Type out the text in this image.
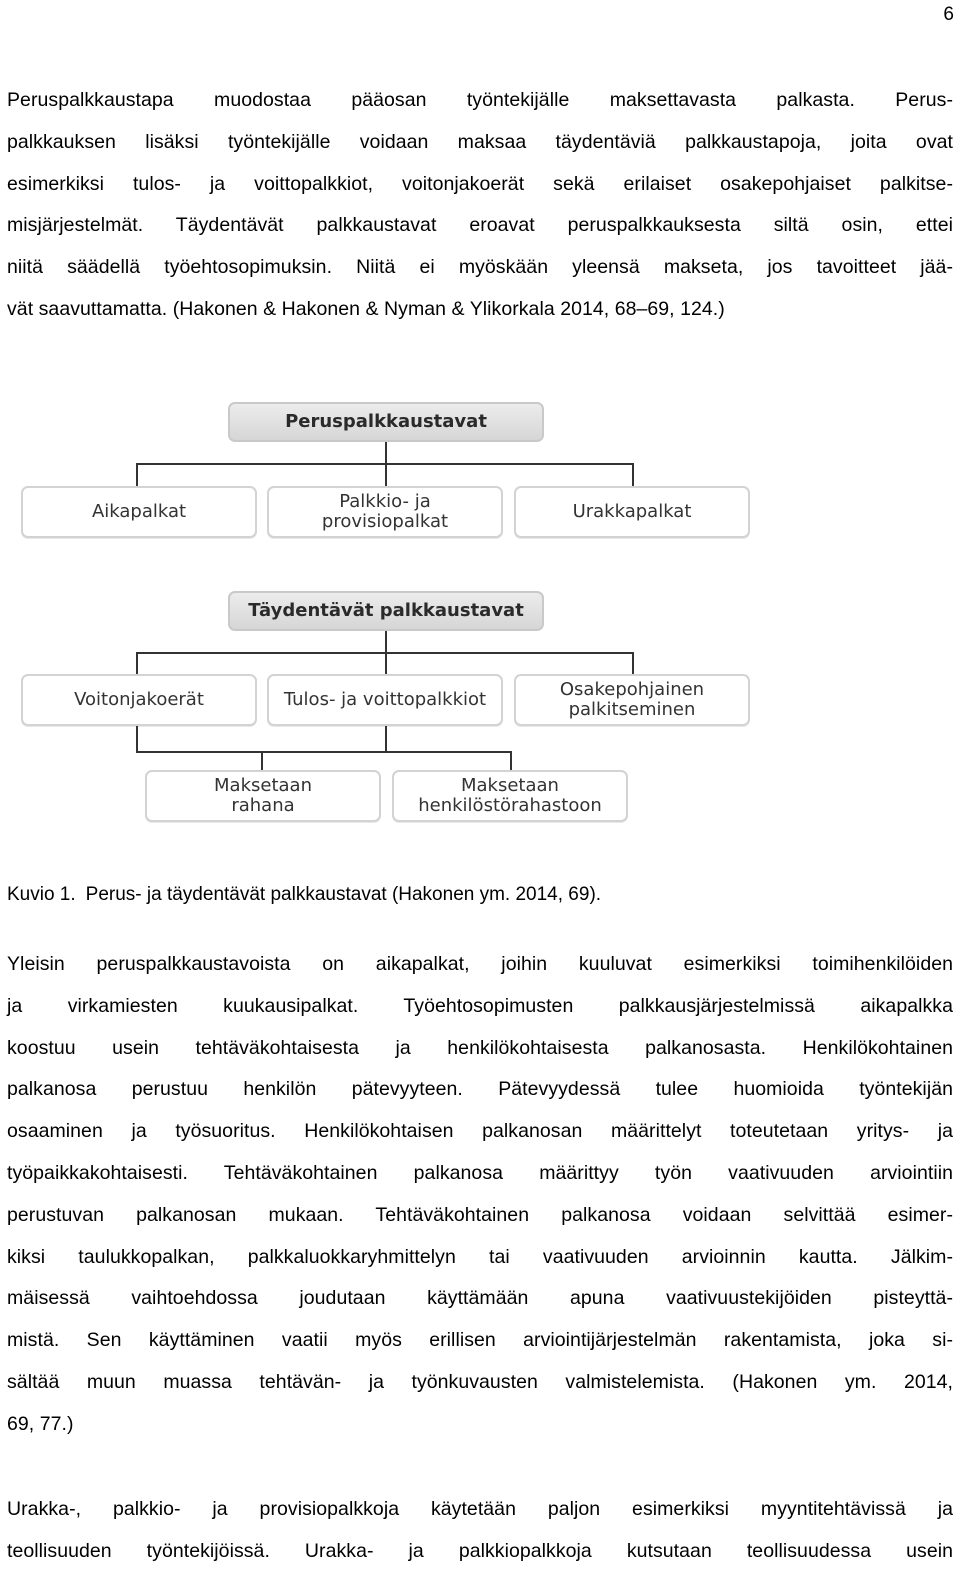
6

Peruspalkkaustapa muodostaa pääosan työntekijälle maksettavasta palkasta. Perus-
palkkauksen lisäksi työntekijälle voidaan maksaa täydentäviä palkkaustapoja, joita ovat
esimerkiksi tulos- ja voittopalkkiot, voitonjakoerät sekä erilaiset osakepohjaiset palkitse-
misjärjestelmät. Täydentävät palkkaustavat eroavat peruspalkkauksesta siltä osin, ettei
niitä säädellä työehtosopimuksin. Niitä ei myöskään yleensä makseta, jos tavoitteet jää-
vät saavuttamatta. (Hakonen & Hakonen & Nyman & Ylikorkala 2014, 68–69, 124.)

Peruspalkkaustavat
Aikapalkat	Palkkio- ja
provisiopalkat	Urakkapalkat
Täydentävät palkkaustavat
Voitonjakoerät	Tulos- ja voittopalkkiot	Osakepohjainen
palkitseminen
Maksetaan
rahana
Maksetaan
henkilöstörahastoon

Kuvio 1. Perus- ja täydentävät palkkaustavat (Hakonen ym. 2014, 69).

Yleisin peruspalkkaustavoista on aikapalkat, joihin kuuluvat esimerkiksi toimihenkilöiden
ja virkamiesten kuukausipalkat. Työehtosopimusten palkkausjärjestelmissä aikapalkka
koostuu usein tehtäväkohtaisesta ja henkilökohtaisesta palkanosasta. Henkilökohtainen
palkanosa perustuu henkilön pätevyyteen. Pätevyydessä tulee huomioida työntekijän
osaaminen ja työsuoritus. Henkilökohtaisen palkanosan määrittelyt toteutetaan yritys- ja
työpaikkakohtaisesti. Tehtäväkohtainen palkanosa määrittyy työn vaativuuden arviointiin
perustuvan palkanosan mukaan. Tehtäväkohtainen palkanosa voidaan selvittää esimer-
kiksi taulukkopalkan, palkkaluokkaryhmittelyn tai vaativuuden arvioinnin kautta. Jälkim-
mäisessä vaihtoehdossa joudutaan käyttämään apuna vaativuustekijöiden pisteyttä-
mistä. Sen käyttäminen vaatii myös erillisen arviointijärjestelmän rakentamista, joka si-
sältää muun muassa tehtävän- ja työnkuvausten valmistelemista. (Hakonen ym. 2014,
69, 77.)

Urakka-, palkkio- ja provisiopalkkoja käytetään paljon esimerkiksi myyntitehtävissä ja
teollisuuden työntekijöissä. Urakka- ja palkkiopalkkoja kutsutaan teollisuudessa usein
